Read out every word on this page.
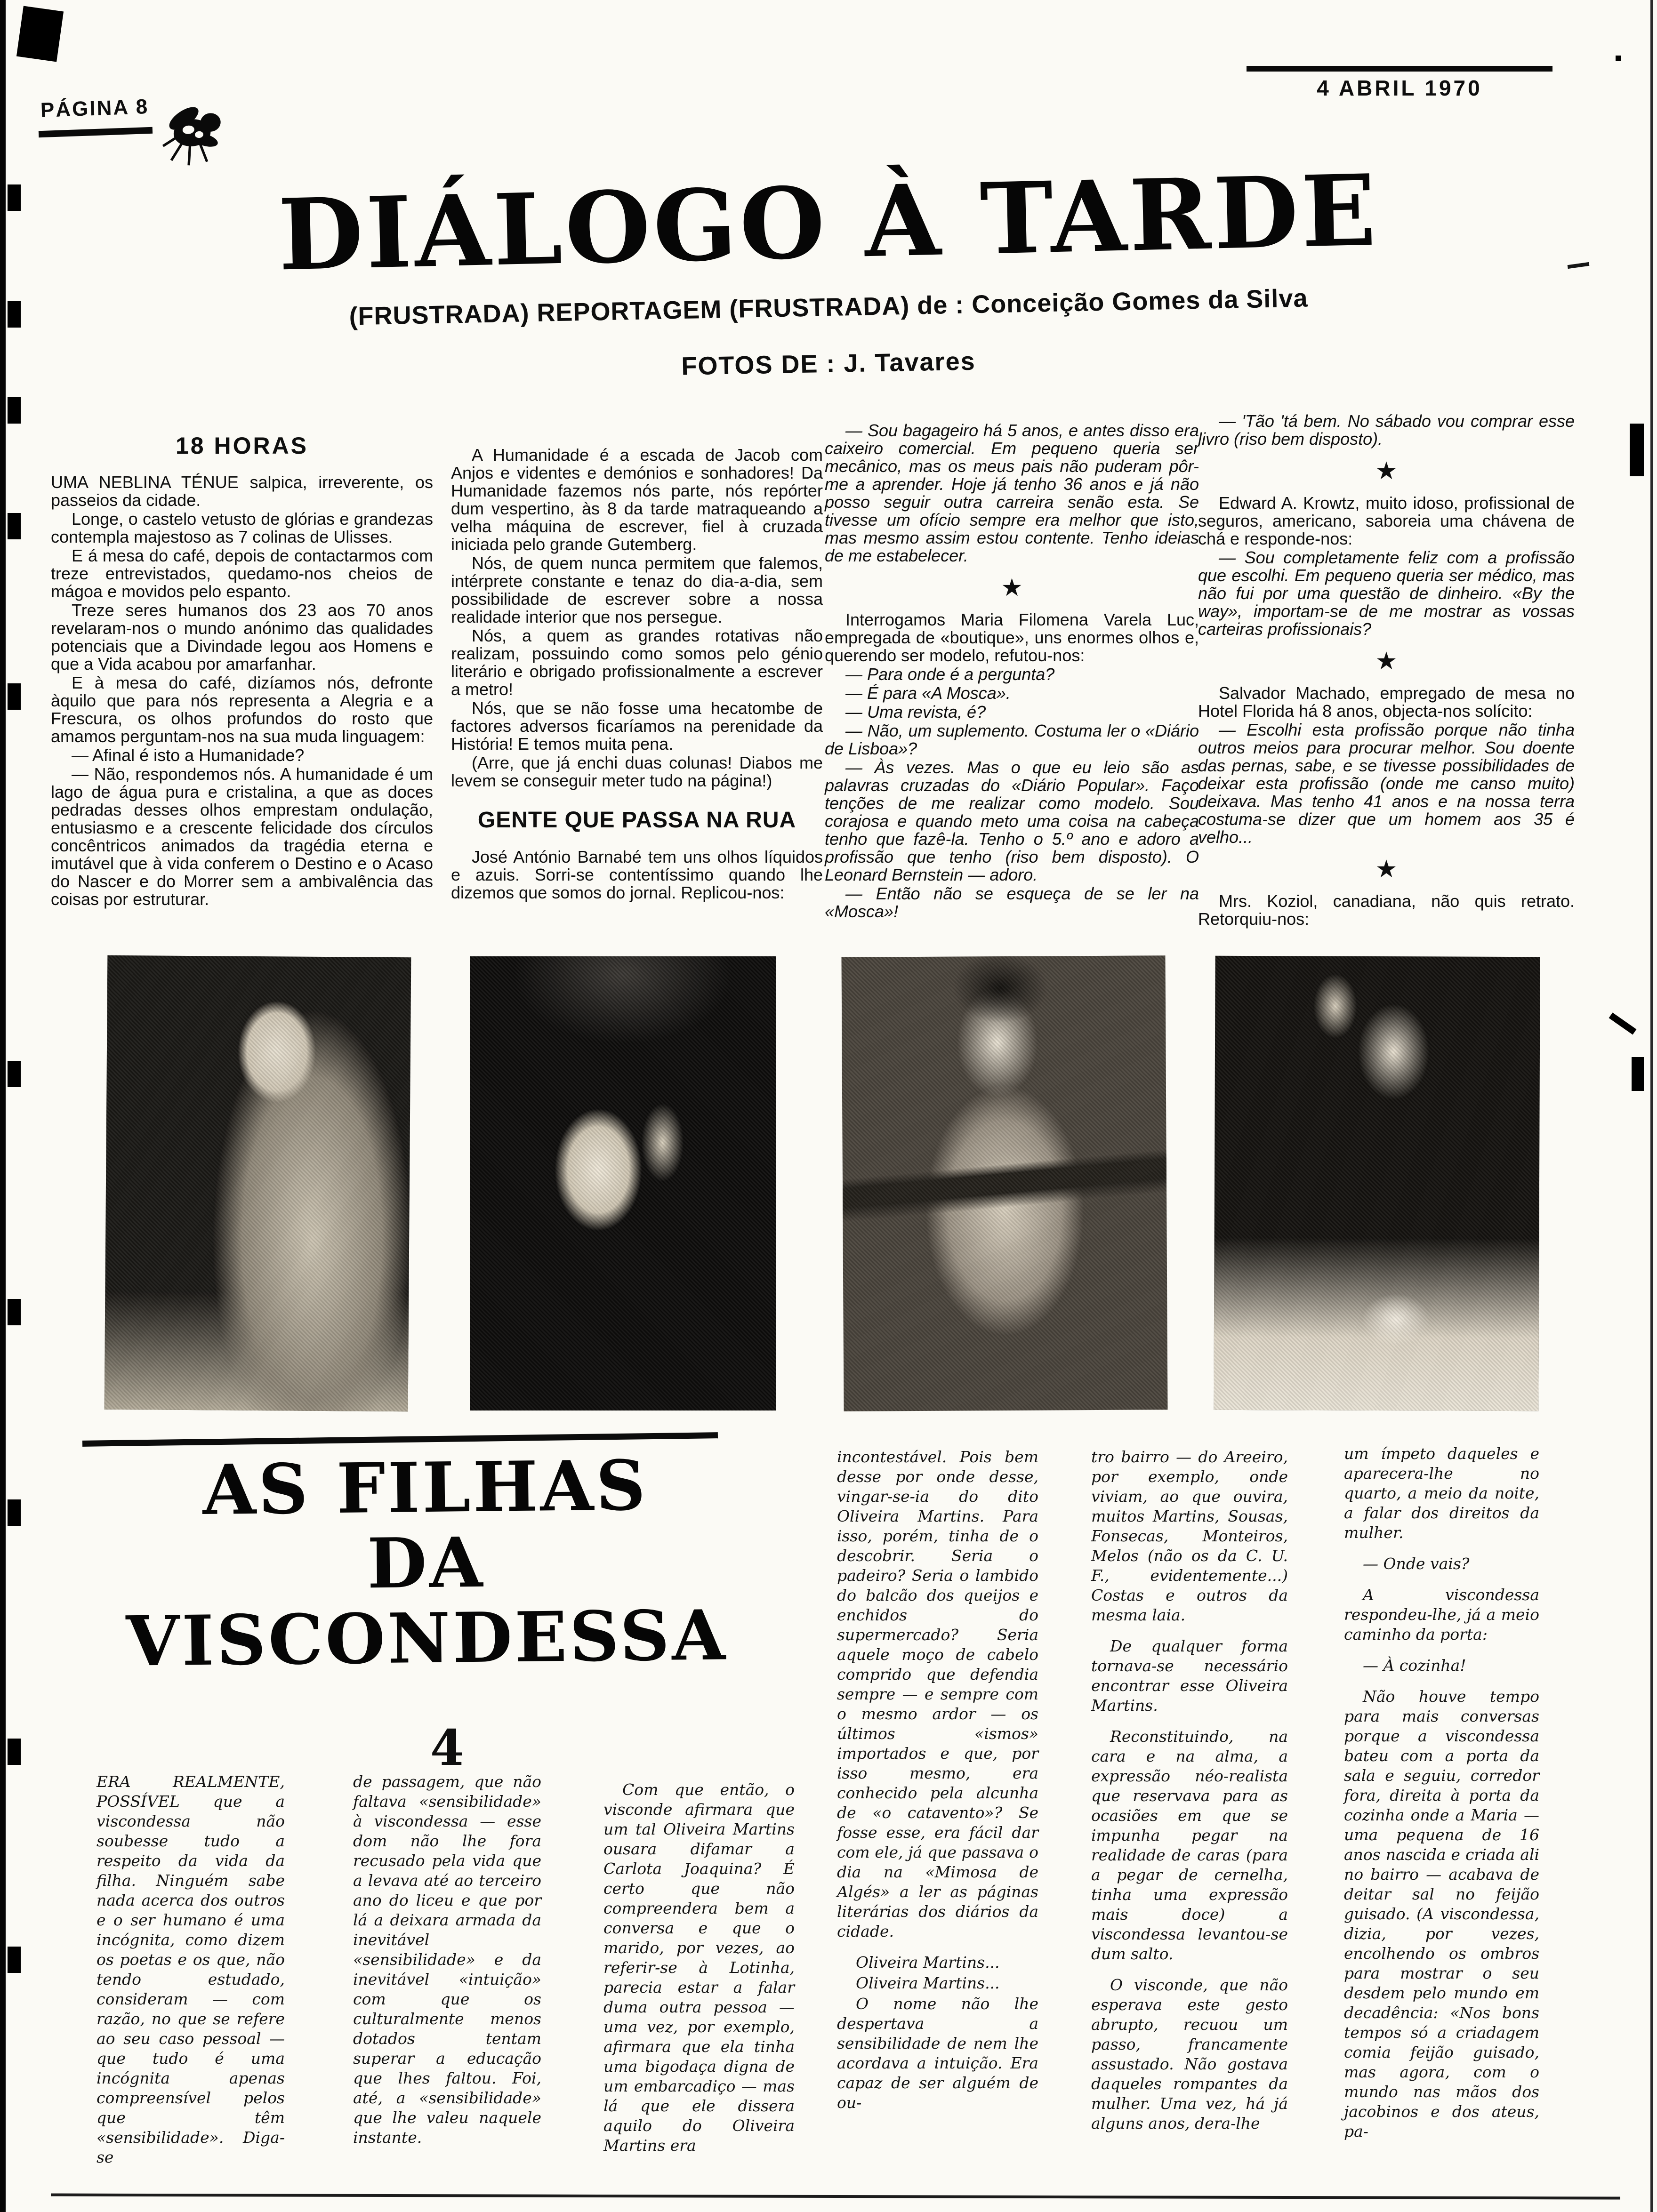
PÁGINA 8
4 ABRIL 1970
DIÁLOGO À TARDE
(FRUSTRADA) REPORTAGEM (FRUSTRADA) de : Conceição Gomes da Silva
FOTOS DE : J. Tavares
18 HORAS

UMA NEBLINA TÉNUE salpica, irreverente, os passeios da cidade.

Longe, o castelo vetusto de glórias e grandezas contempla majestoso as 7 colinas de Ulisses.

E á mesa do café, depois de contactarmos com treze entrevistados, quedamo-nos cheios de mágoa e movidos pelo espanto.

Treze seres humanos dos 23 aos 70 anos revelaram-nos o mundo anónimo das qualidades potenciais que a Divindade legou aos Homens e que a Vida acabou por amarfanhar.

E à mesa do café, dizíamos nós, defronte àquilo que para nós representa a Alegria e a Frescura, os olhos profundos do rosto que amamos perguntam-nos na sua muda linguagem:

— Afinal é isto a Humanidade?

— Não, respondemos nós. A humanidade é um lago de água pura e cristalina, a que as doces pedradas desses olhos emprestam ondulação, entusiasmo e a crescente felicidade dos círculos concêntricos animados da tragédia eterna e imutável que à vida conferem o Destino e o Acaso do Nascer e do Morrer sem a ambivalência das coisas por estruturar.

A Humanidade é a escada de Jacob com Anjos e videntes e demónios e sonhadores! Da Humanidade fazemos nós parte, nós repórter dum vespertino, às 8 da tarde matraqueando a velha máquina de escrever, fiel à cruzada iniciada pelo grande Gutemberg.

Nós, de quem nunca permitem que falemos, intérprete constante e tenaz do dia-a-dia, sem possibilidade de escrever sobre a nossa realidade interior que nos persegue.

Nós, a quem as grandes rotativas não realizam, possuindo como somos pelo génio literário e obrigado profissionalmente a escrever a metro!

Nós, que se não fosse uma hecatombe de factores adversos ficaríamos na perenidade da História! E temos muita pena.

(Arre, que já enchi duas colunas! Diabos me levem se conseguir meter tudo na página!)

GENTE QUE PASSA NA RUA

José António Barnabé tem uns olhos líquidos e azuis. Sorri-se contentíssimo quando lhe dizemos que somos do jornal. Replicou-nos:

— Sou bagageiro há 5 anos, e antes disso era caixeiro comercial. Em pequeno queria ser mecânico, mas os meus pais não puderam pôr-me a aprender. Hoje já tenho 36 anos e já não posso seguir outra carreira senão esta. Se tivesse um ofício sempre era melhor que isto, mas mesmo assim estou contente. Tenho ideias de me estabelecer.

★

Interrogamos Maria Filomena Varela Luc, empregada de «boutique», uns enormes olhos e, querendo ser modelo, refutou-nos:

— Para onde é a pergunta?

— É para «A Mosca».

— Uma revista, é?

— Não, um suplemento. Costuma ler o «Diário de Lisboa»?

— Às vezes. Mas o que eu leio são as palavras cruzadas do «Diário Popular». Faço tenções de me realizar como modelo. Sou corajosa e quando meto uma coisa na cabeça tenho que fazê-la. Tenho o 5.º ano e adoro a profissão que tenho (riso bem disposto). O Leonard Bernstein — adoro.

— Então não se esqueça de se ler na «Mosca»!

— 'Tão 'tá bem. No sábado vou comprar esse livro (riso bem disposto).

★

Edward A. Krowtz, muito idoso, profissional de seguros, americano, saboreia uma chávena de chá e responde-nos:

— Sou completamente feliz com a profissão que escolhi. Em pequeno queria ser médico, mas não fui por uma questão de dinheiro. «By the way», importam-se de me mostrar as vossas carteiras profissionais?

★

Salvador Machado, empregado de mesa no Hotel Florida há 8 anos, objecta-nos solícito:

— Escolhi esta profissão porque não tinha outros meios para procurar melhor. Sou doente das pernas, sabe, e se tivesse possibilidades de deixar esta profissão (onde me canso muito) deixava. Mas tenho 41 anos e na nossa terra costuma-se dizer que um homem aos 35 é velho...

★

Mrs. Koziol, canadiana, não quis retrato. Retorquiu-nos:

AS FILHAS
DA
VISCONDESSA
4

ERA REALMENTE, POSSÍVEL que a viscondessa não soubesse tudo a respeito da vida da filha. Ninguém sabe nada acerca dos outros e o ser humano é uma incógnita, como dizem os poetas e os que, não tendo estudado, consideram — com razão, no que se refere ao seu caso pessoal — que tudo é uma incógnita apenas compreensível pelos que têm «sensibilidade». Diga-se

de passagem, que não faltava «sensibilidade» à viscondessa — esse dom não lhe fora recusado pela vida que a levava até ao terceiro ano do liceu e que por lá a deixara armada da inevitável «sensibilidade» e da inevitável «intuição» com que os culturalmente menos dotados tentam superar a educação que lhes faltou. Foi, até, a «sensibilidade» que lhe valeu naquele instante.

Com que então, o visconde afirmara que um tal Oliveira Martins ousara difamar a Carlota Joaquina? É certo que não compreendera bem a conversa e que o marido, por vezes, ao referir-se à Lotinha, parecia estar a falar duma outra pessoa — uma vez, por exemplo, afirmara que ela tinha uma bigodaça digna de um embarcadiço — mas lá que ele dissera aquilo do Oliveira Martins era

incontestável. Pois bem desse por onde desse, vingar-se-ia do dito Oliveira Martins. Para isso, porém, tinha de o descobrir. Seria o padeiro? Seria o lambido do balcão dos queijos e enchidos do supermercado? Seria aquele moço de cabelo comprido que defendia sempre — e sempre com o mesmo ardor — os últimos «ismos» importados e que, por isso mesmo, era conhecido pela alcunha de «o catavento»? Se fosse esse, era fácil dar com ele, já que passava o dia na «Mimosa de Algés» a ler as páginas literárias dos diários da cidade.

Oliveira Martins...

Oliveira Martins...

O nome não lhe despertava a sensibilidade de nem lhe acordava a intuição. Era capaz de ser alguém de ou-

tro bairro — do Areeiro, por exemplo, onde viviam, ao que ouvira, muitos Martins, Sousas, Fonsecas, Monteiros, Melos (não os da C. U. F., evidentemente...) Costas e outros da mesma laia.

De qualquer forma tornava-se necessário encontrar esse Oliveira Martins.

Reconstituindo, na cara e na alma, a expressão néo-realista que reservava para as ocasiões em que se impunha pegar na realidade de caras (para a pegar de cernelha, tinha uma expressão mais doce) a viscondessa levantou-se dum salto.

O visconde, que não esperava este gesto abrupto, recuou um passo, francamente assustado. Não gostava daqueles rompantes da mulher. Uma vez, há já alguns anos, dera-lhe

um ímpeto daqueles e aparecera-lhe no quarto, a meio da noite, a falar dos direitos da mulher.

— Onde vais?

A viscondessa respondeu-lhe, já a meio caminho da porta:

— À cozinha!

Não houve tempo para mais conversas porque a viscondessa bateu com a porta da sala e seguiu, corredor fora, direita à porta da cozinha onde a Maria — uma pequena de 16 anos nascida e criada ali no bairro — acabava de deitar sal no feijão guisado. (A viscondessa, dizia, por vezes, encolhendo os ombros para mostrar o seu desdem pelo mundo em decadência: «Nos bons tempos só a criadagem comia feijão guisado, mas agora, com o mundo nas mãos dos jacobinos e dos ateus, pa-
